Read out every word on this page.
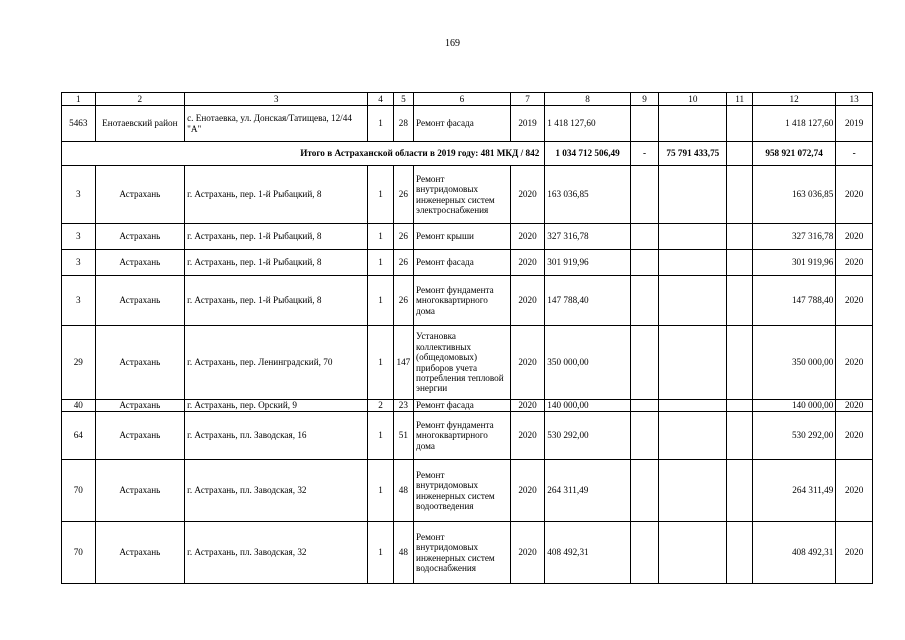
169
1	2	3	4	5	6	7	8	9	10	11	12	13
5463	Енотаевский район	с. Енотаевка, ул. Донская/Татищева, 12/44 "А"	1	28	Ремонт фасада	2019	1 418 127,60				1 418 127,60	2019
Итого в Астраханской области в 2019 году: 481 МКД / 842							1 034 712 506,49	-	75 791 433,75		958 921 072,74	-
3	Астрахань	г. Астрахань, пер. 1-й Рыбацкий, 8	1	26	Ремонт внутридомовых инженерных систем электроснабжения	2020	163 036,85				163 036,85	2020
3	Астрахань	г. Астрахань, пер. 1-й Рыбацкий, 8	1	26	Ремонт крыши	2020	327 316,78				327 316,78	2020
3	Астрахань	г. Астрахань, пер. 1-й Рыбацкий, 8	1	26	Ремонт фасада	2020	301 919,96				301 919,96	2020
3	Астрахань	г. Астрахань, пер. 1-й Рыбацкий, 8	1	26	Ремонт фундамента многоквартирного дома	2020	147 788,40				147 788,40	2020
29	Астрахань	г. Астрахань, пер. Ленинградский, 70	1	147	Установка коллективных (общедомовых) приборов учета потребления тепловой энергии	2020	350 000,00				350 000,00	2020
40	Астрахань	г. Астрахань, пер. Орский, 9	2	23	Ремонт фасада	2020	140 000,00				140 000,00	2020
64	Астрахань	г. Астрахань, пл. Заводская, 16	1	51	Ремонт фундамента многоквартирного дома	2020	530 292,00				530 292,00	2020
70	Астрахань	г. Астрахань, пл. Заводская, 32	1	48	Ремонт внутридомовых инженерных систем водоотведения	2020	264 311,49				264 311,49	2020
70	Астрахань	г. Астрахань, пл. Заводская, 32	1	48	Ремонт внутридомовых инженерных систем водоснабжения	2020	408 492,31				408 492,31	2020
